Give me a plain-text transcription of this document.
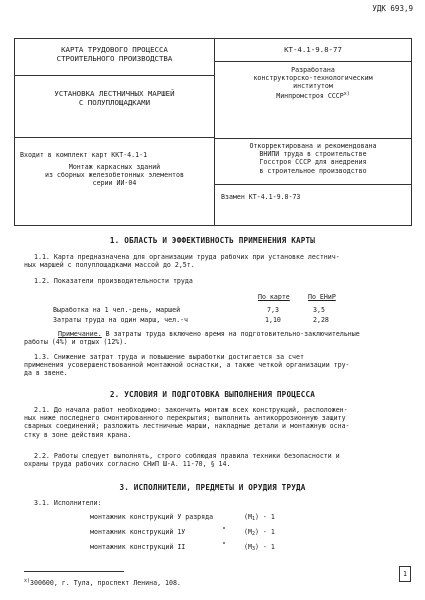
УДК 693,9
КАРТА ТРУДОВОГО ПРОЦЕССА
СТРОИТЕЛЬНОГО ПРОИЗВОДСТВА
УСТАНОВКА ЛЕСТНИЧНЫХ МАРШЕЙ
С ПОЛУПЛОЩАДКАМИ
Входит в комплект карт ККТ-4.1-1
Монтаж каркасных зданий
из сборных железобетонных элементов
серии ИИ-04
КТ-4.1-9.8-77
Разработана
конструкторско-технологическим
институтом
Минпромстроя СССР$^{x)}$
Откорректирована и рекомендована
ВНИПИ труда в строительстве
Госстроя СССР для внедрения
в строительное производство
Взамен КТ-4.1-9.8-73
1. ОБЛАСТЬ И ЭФФЕКТИВНОСТЬ ПРИМЕНЕНИЯ КАРТЫ
1.1. Карта предназначена для организации труда рабочих при установке лестнич-
ных маршей с полуплощадками массой до 2,5т.
1.2. Показатели производительности труда
По карте	По ЕНиР
Выработка на 1 чел.-день, маршей	7,3	3,5
Затраты труда на один марш, чел.-ч	1,10	2,28
Примечание. В затраты труда включено время на подготовительно-заключительные
работы (4%) и отдых (12%).
1.3. Снижение затрат труда и повышение выработки достигается за счет
применения усовершенствованной монтажной оснастки, а также четкой организации тру-
да в звене.
2. УСЛОВИЯ И ПОДГОТОВКА ВЫПОЛНЕНИЯ ПРОЦЕССА
2.1. До начала работ необходимо: закончить монтаж всех конструкций, расположен-
ных ниже последнего смонтированного перекрытия; выполнить антикоррозионную защиту
сварных соединений; разложить лестничные марши, накладные детали и монтажную осна-
стку в зоне действия крана.
2.2. Работы следует выполнять, строго соблюдая правила техники безопасности и
охраны труда рабочих согласно СНиП Ш-А. 11-70, § 14.
3. ИСПОЛНИТЕЛИ, ПРЕДМЕТЫ И ОРУДИЯ ТРУДА
3.1. Исполнители:
монтажник конструкций У разряда	$(М_1) - 1$
монтажник конструкций 1У	"	$(М_2) - 1$
монтажник конструкций II	"	$(М_3) - 1$
$^{x)}$300600, г. Тула, проспект Ленина, 108.
1
